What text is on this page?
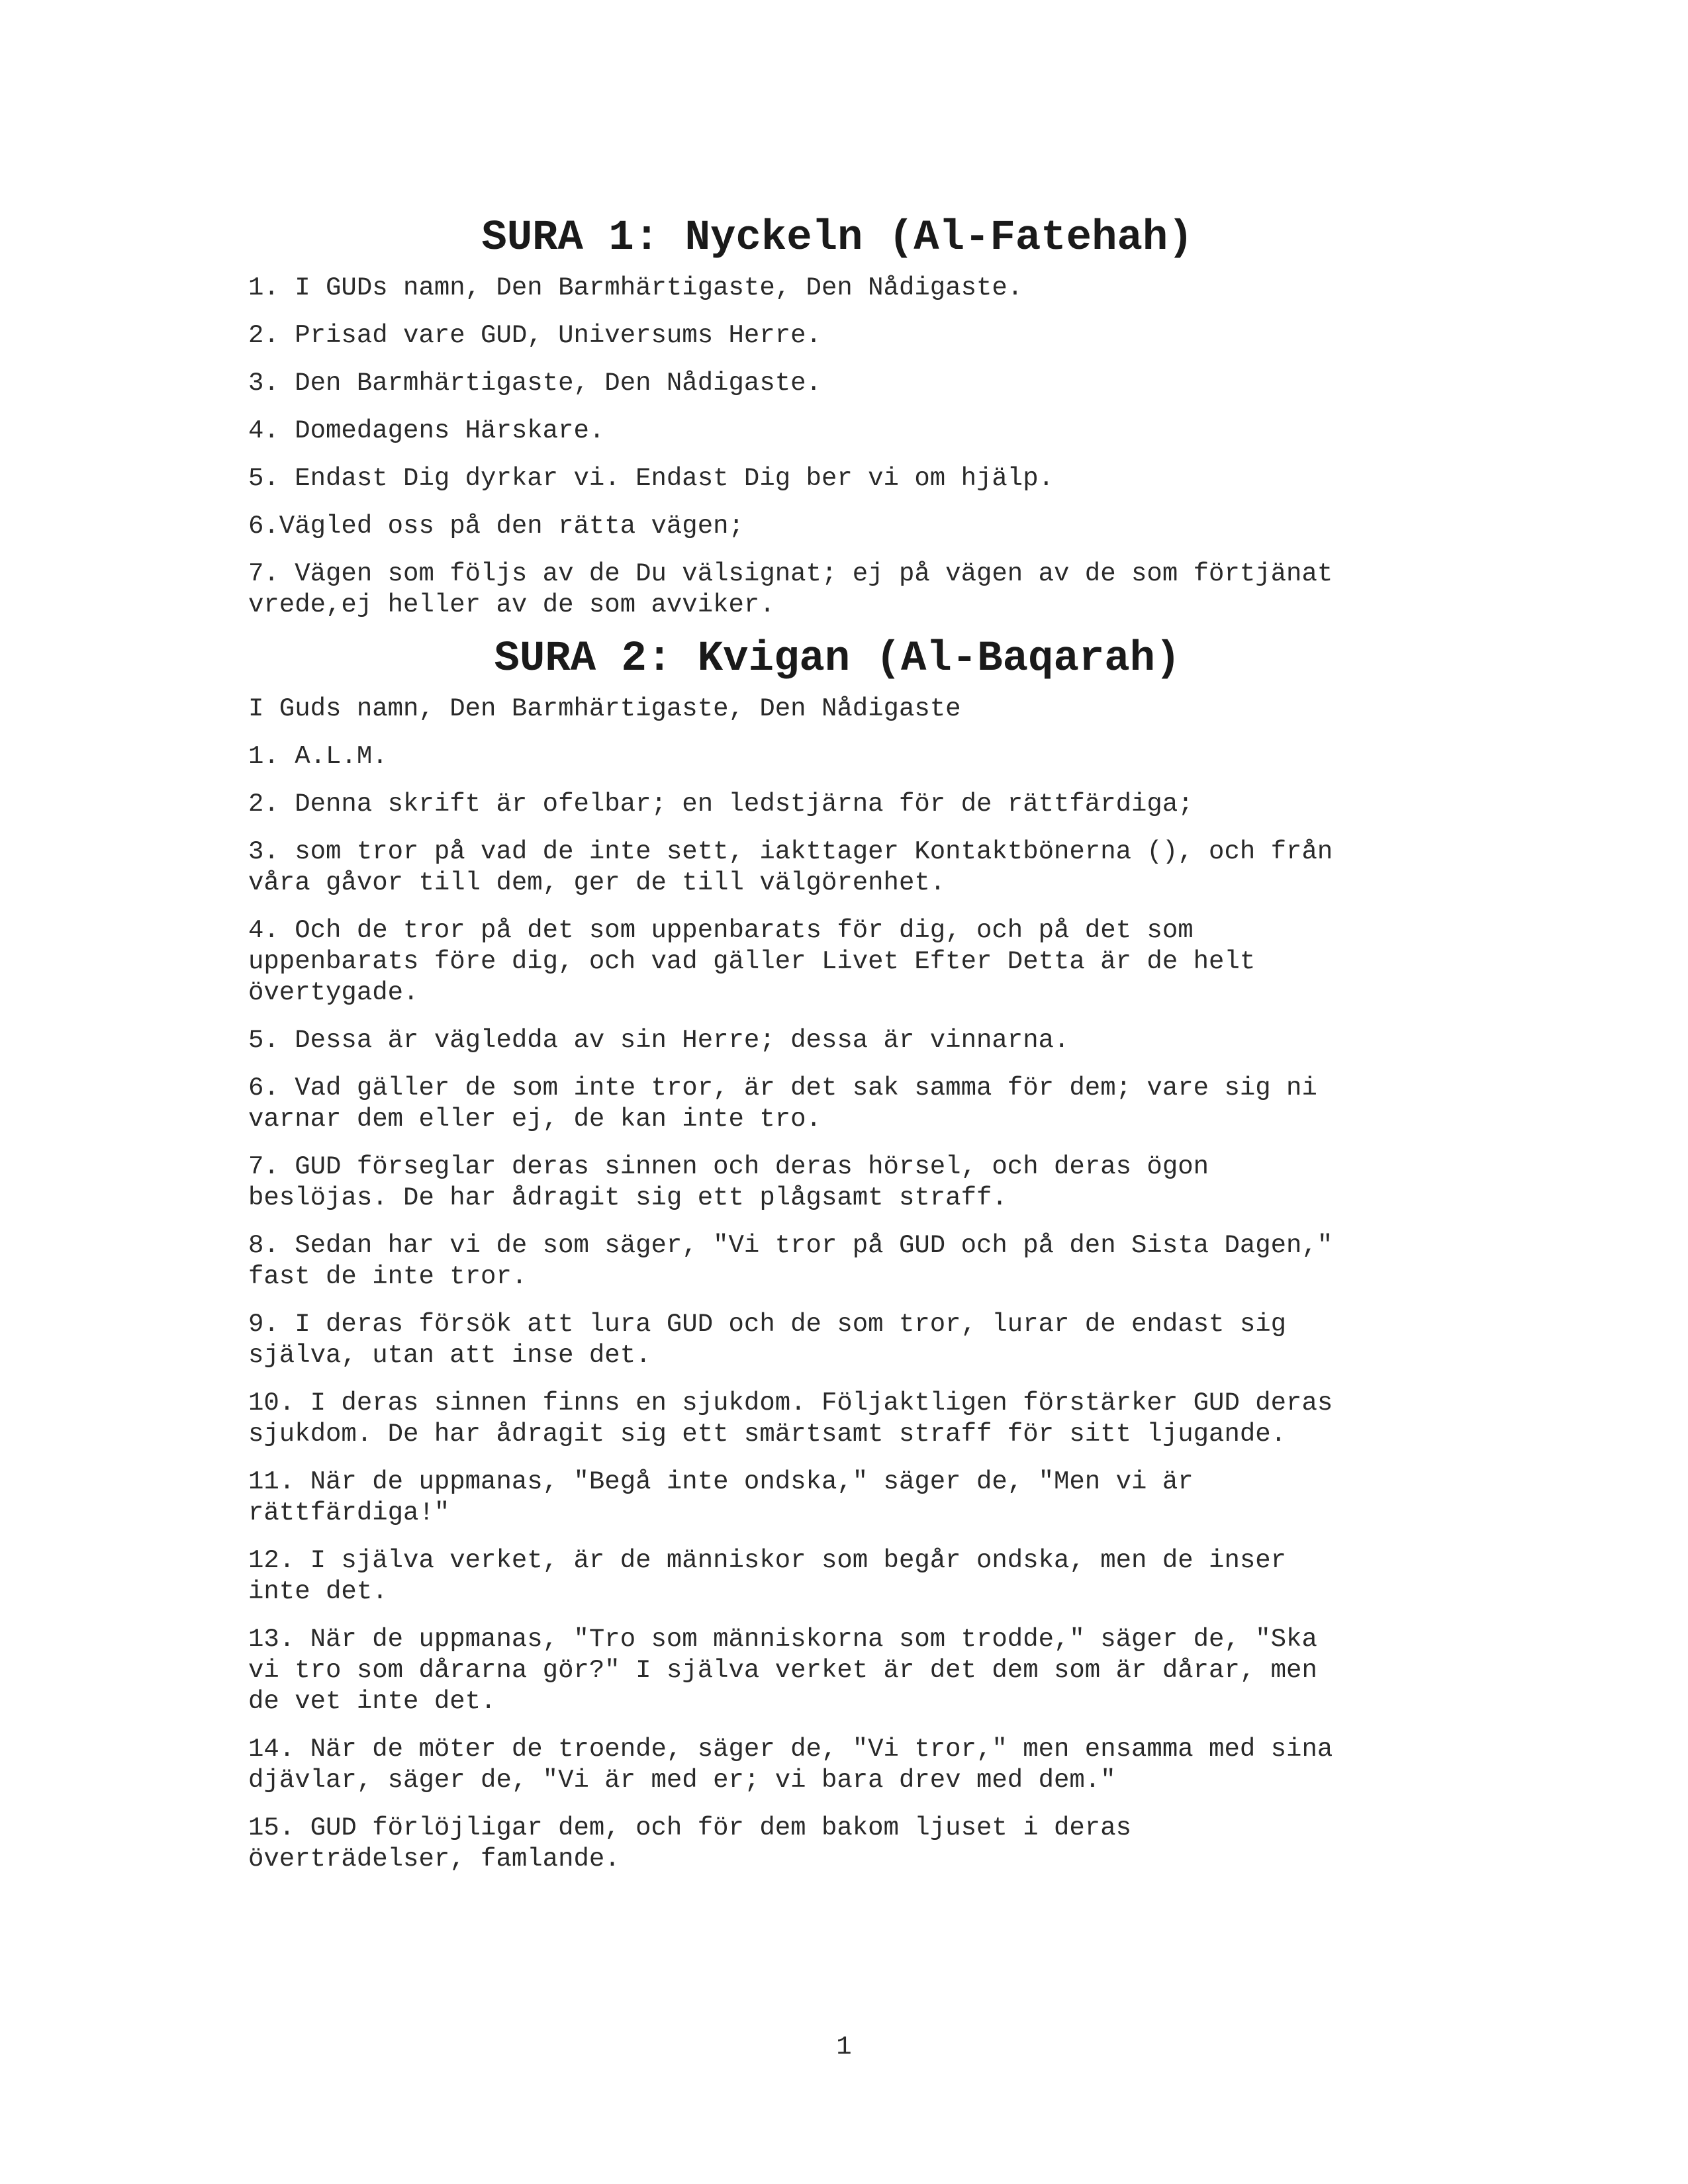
SURA 1: Nyckeln (Al-Fatehah)

1. I GUDs namn, Den Barmhärtigaste, Den Nådigaste.

2. Prisad vare GUD, Universums Herre.

3. Den Barmhärtigaste, Den Nådigaste.

4. Domedagens Härskare.

5. Endast Dig dyrkar vi. Endast Dig ber vi om hjälp.

6.Vägled oss på den rätta vägen;

7. Vägen som följs av de Du välsignat; ej på vägen av de som förtjänat
vrede,ej heller av de som avviker.

SURA 2: Kvigan (Al-Baqarah)

I Guds namn, Den Barmhärtigaste, Den Nådigaste

1. A.L.M.

2. Denna skrift är ofelbar; en ledstjärna för de rättfärdiga;

3. som tror på vad de inte sett, iakttager Kontaktbönerna (), och från
våra gåvor till dem, ger de till välgörenhet.

4. Och de tror på det som uppenbarats för dig, och på det som
uppenbarats före dig, och vad gäller Livet Efter Detta är de helt
övertygade.

5. Dessa är vägledda av sin Herre; dessa är vinnarna.

6. Vad gäller de som inte tror, är det sak samma för dem; vare sig ni
varnar dem eller ej, de kan inte tro.

7. GUD förseglar deras sinnen och deras hörsel, och deras ögon
beslöjas. De har ådragit sig ett plågsamt straff.

8. Sedan har vi de som säger, "Vi tror på GUD och på den Sista Dagen,"
fast de inte tror.

9. I deras försök att lura GUD och de som tror, lurar de endast sig
själva, utan att inse det.

10. I deras sinnen finns en sjukdom. Följaktligen förstärker GUD deras
sjukdom. De har ådragit sig ett smärtsamt straff för sitt ljugande.

11. När de uppmanas, "Begå inte ondska," säger de, "Men vi är
rättfärdiga!"

12. I själva verket, är de människor som begår ondska, men de inser
inte det.

13. När de uppmanas, "Tro som människorna som trodde," säger de, "Ska
vi tro som dårarna gör?" I själva verket är det dem som är dårar, men
de vet inte det.

14. När de möter de troende, säger de, "Vi tror," men ensamma med sina
djävlar, säger de, "Vi är med er; vi bara drev med dem."

15. GUD förlöjligar dem, och för dem bakom ljuset i deras
överträdelser, famlande.

1
